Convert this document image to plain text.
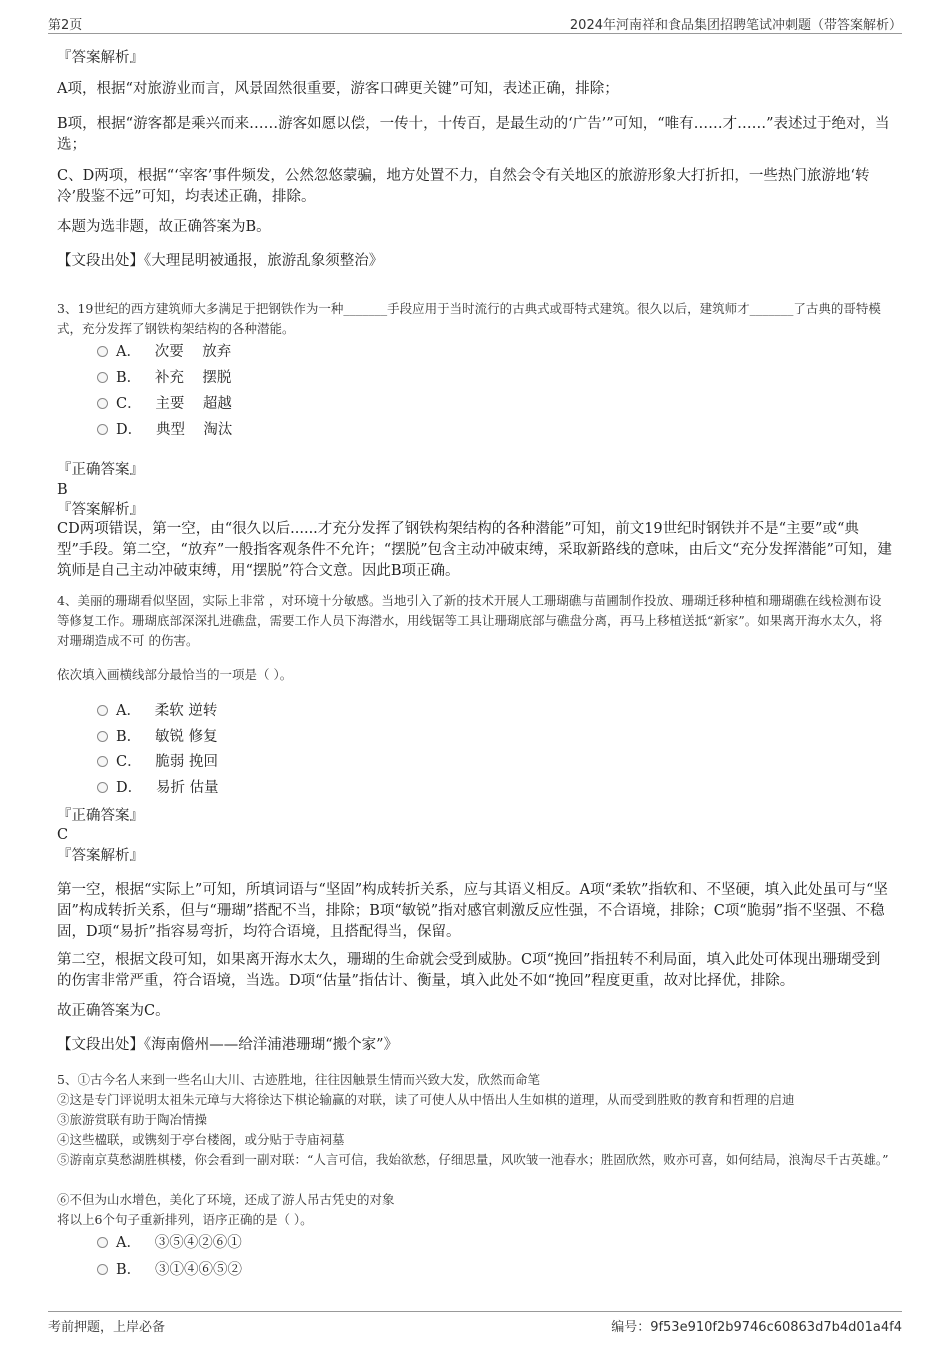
第2页	2024年河南祥和食品集团招聘笔试冲刺题（带答案解析）
『答案解析』
A项，根据“对旅游业而言，风景固然很重要，游客口碑更关键”可知，表述正确，排除；
B项，根据“游客都是乘兴而来……游客如愿以偿，一传十，十传百，是最生动的‘广告’”可知，“唯有……才……”表述过于绝对，当选；
C、D两项，根据“‘宰客’事件频发，公然忽悠蒙骗，地方处置不力，自然会令有关地区的旅游形象大打折扣，一些热门旅游地‘转冷’殷鉴不远”可知，均表述正确，排除。
本题为选非题，故正确答案为B。
【文段出处】《大理昆明被通报，旅游乱象须整治》
3、19世纪的西方建筑师大多满足于把钢铁作为一种_______手段应用于当时流行的古典式或哥特式建筑。很久以后，建筑师才_______了古典的哥特模式，充分发挥了钢铁构架结构的各种潜能。
A．   次要    放弃
B．   补充    摆脱
C．   主要    超越
D．   典型    淘汰
『正确答案』
B
『答案解析』
CD两项错误，第一空，由“很久以后......才充分发挥了钢铁构架结构的各种潜能”可知，前文19世纪时钢铁并不是“主要”或“典型”手段。第二空，“放弃”一般指客观条件不允许；“摆脱”包含主动冲破束缚，采取新路线的意味，由后文“充分发挥潜能”可知，建筑师是自己主动冲破束缚，用“摆脱”符合文意。因此B项正确。
4、美丽的珊瑚看似坚固，实际上非常 ，对环境十分敏感。当地引入了新的技术开展人工珊瑚礁与苗圃制作投放、珊瑚迁移种植和珊瑚礁在线检测布设等修复工作。珊瑚底部深深扎进礁盘，需要工作人员下海潜水，用线锯等工具让珊瑚底部与礁盘分离，再马上移植送抵“新家”。如果离开海水太久，将对珊瑚造成不可 的伤害。
依次填入画横线部分最恰当的一项是（ ）。
A．   柔软 逆转
B．   敏锐 修复
C．   脆弱 挽回
D．   易折 估量
『正确答案』
C
『答案解析』
第一空，根据“实际上”可知，所填词语与“坚固”构成转折关系，应与其语义相反。A项“柔软”指软和、不坚硬，填入此处虽可与“坚固”构成转折关系，但与“珊瑚”搭配不当，排除；B项“敏锐”指对感官刺激反应性强，不合语境，排除；C项“脆弱”指不坚强、不稳固，D项“易折”指容易弯折，均符合语境，且搭配得当，保留。
第二空，根据文段可知，如果离开海水太久，珊瑚的生命就会受到威胁。C项“挽回”指扭转不利局面，填入此处可体现出珊瑚受到的伤害非常严重，符合语境，当选。D项“估量”指估计、衡量，填入此处不如“挽回”程度更重，故对比择优，排除。
故正确答案为C。
【文段出处】《海南儋州——给洋浦港珊瑚“搬个家”》
5、①古今名人来到一些名山大川、古迹胜地，往往因触景生情而兴致大发，欣然而命笔
②这是专门评说明太祖朱元璋与大将徐达下棋论输赢的对联，读了可使人从中悟出人生如棋的道理，从而受到胜败的教育和哲理的启迪
③旅游赏联有助于陶冶情操
④这些楹联，或镌刻于亭台楼阁，或分贴于寺庙祠墓
⑤游南京莫愁湖胜棋楼，你会看到一副对联：“人言可信，我始欲愁，仔细思量，风吹皱一池春水；胜固欣然，败亦可喜，如何结局，浪淘尽千古英雄。”
⑥不但为山水增色，美化了环境，还成了游人吊古凭史的对象
将以上6个句子重新排列，语序正确的是（ ）。
A．   ③⑤④②⑥①
B．   ③①④⑥⑤②
考前押题，上岸必备	编号：9f53e910f2b9746c60863d7b4d01a4f4
